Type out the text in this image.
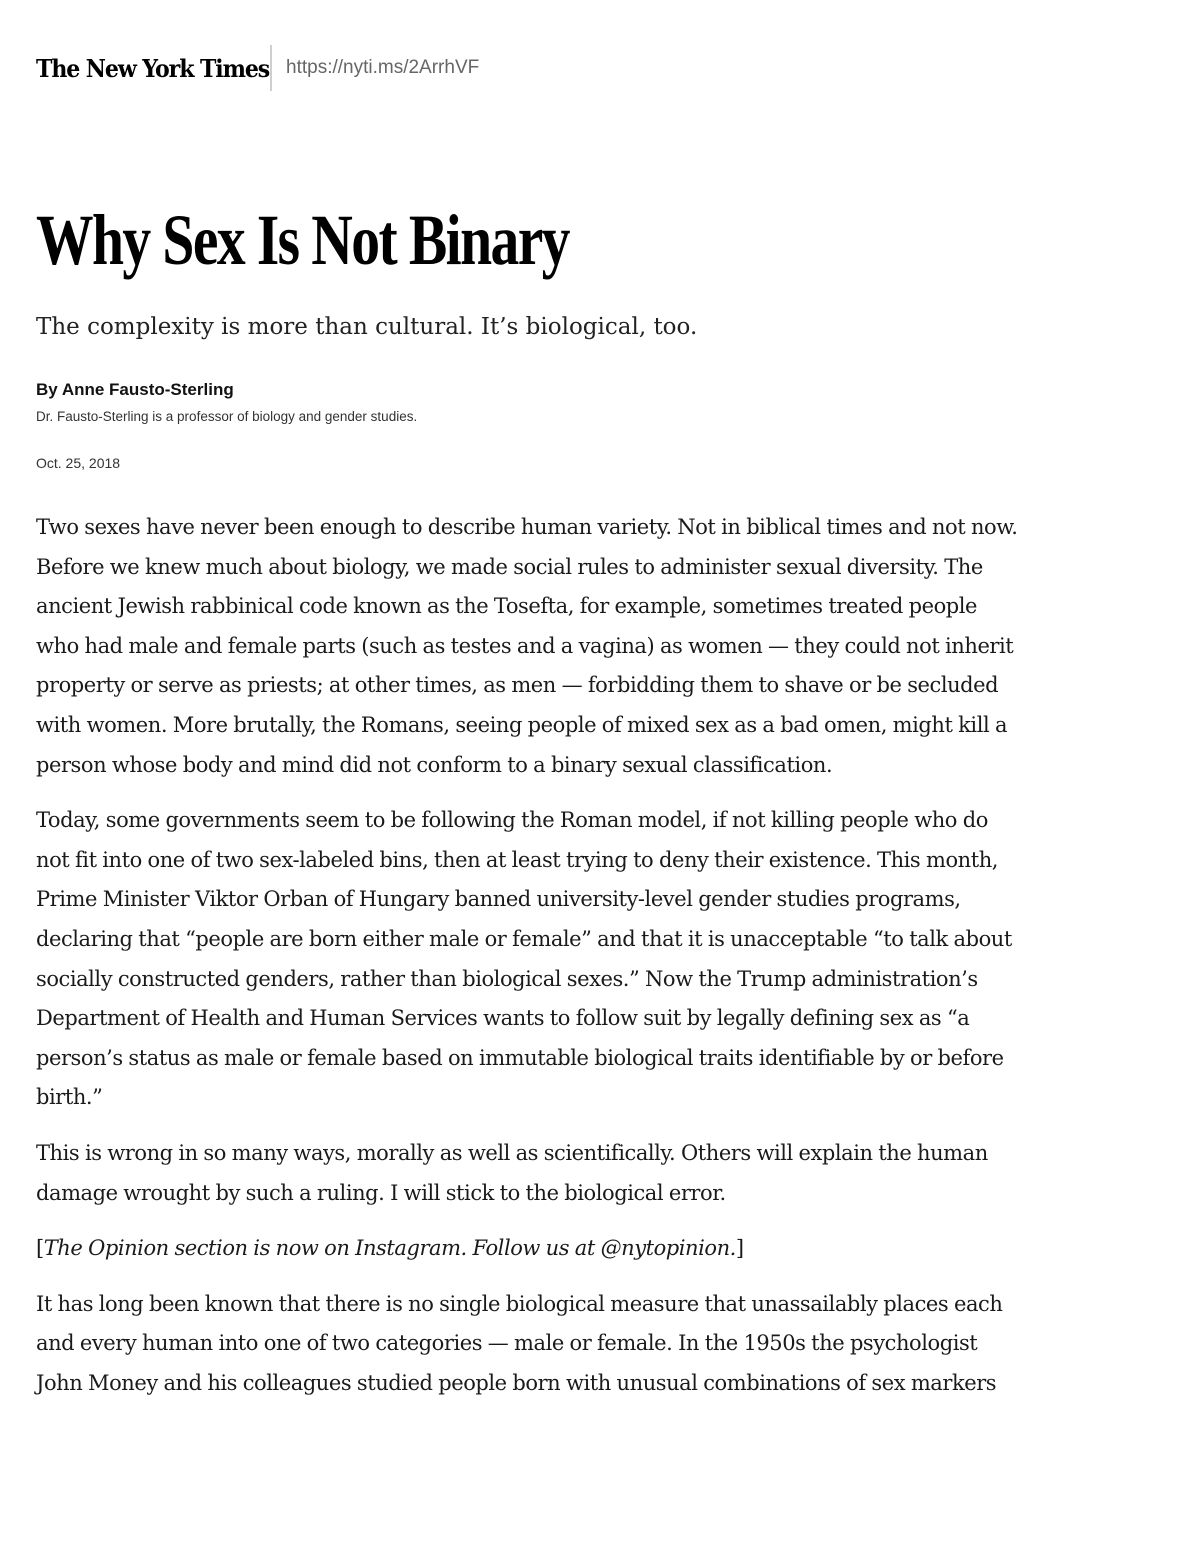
The New York Times https://nyti.ms/2ArrhVF
Why Sex Is Not Binary

The complexity is more than cultural. It’s biological, too.

By Anne Fausto-Sterling
Dr. Fausto-Sterling is a professor of biology and gender studies.
Oct. 25, 2018

Two sexes have never been enough to describe human variety. Not in biblical times and not now.
Before we knew much about biology, we made social rules to administer sexual diversity. The
ancient Jewish rabbinical code known as the Tosefta, for example, sometimes treated people
who had male and female parts (such as testes and a vagina) as women — they could not inherit
property or serve as priests; at other times, as men — forbidding them to shave or be secluded
with women. More brutally, the Romans, seeing people of mixed sex as a bad omen, might kill a
person whose body and mind did not conform to a binary sexual classification.

Today, some governments seem to be following the Roman model, if not killing people who do
not fit into one of two sex-labeled bins, then at least trying to deny their existence. This month,
Prime Minister Viktor Orban of Hungary banned university-level gender studies programs,
declaring that “people are born either male or female” and that it is unacceptable “to talk about
socially constructed genders, rather than biological sexes.” Now the Trump administration’s
Department of Health and Human Services wants to follow suit by legally defining sex as “a
person’s status as male or female based on immutable biological traits identifiable by or before
birth.”

This is wrong in so many ways, morally as well as scientifically. Others will explain the human
damage wrought by such a ruling. I will stick to the biological error.

[The Opinion section is now on Instagram. Follow us at @nytopinion.]

It has long been known that there is no single biological measure that unassailably places each
and every human into one of two categories — male or female. In the 1950s the psychologist
John Money and his colleagues studied people born with unusual combinations of sex markers
